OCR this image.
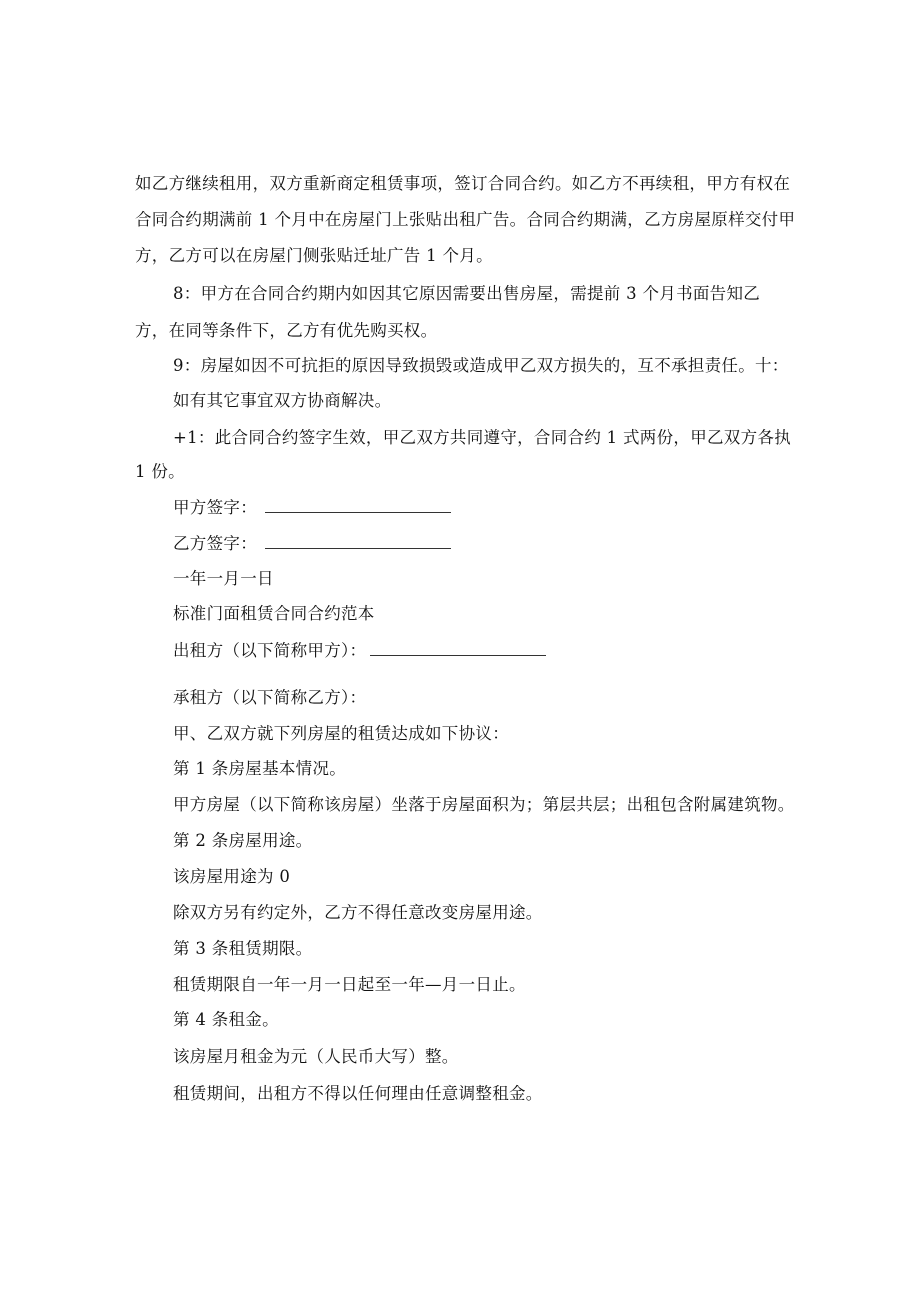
如乙方继续租用，双方重新商定租赁事项，签订合同合约。如乙方不再续租，甲方有权在
合同合约期满前 1 个月中在房屋门上张贴出租广告。合同合约期满，乙方房屋原样交付甲
方，乙方可以在房屋门侧张贴迁址广告 1 个月。
8：甲方在合同合约期内如因其它原因需要出售房屋，需提前 3 个月书面告知乙
方，在同等条件下，乙方有优先购买权。
9：房屋如因不可抗拒的原因导致损毁或造成甲乙双方损失的，互不承担责任。十：
如有其它事宜双方协商解决。
+1：此合同合约签字生效，甲乙双方共同遵守，合同合约 1 式两份，甲乙双方各执
1 份。
甲方签字：
乙方签字：
一年一月一日
标准门面租赁合同合约范本
出租方（以下简称甲方）：
承租方（以下简称乙方）：
甲、乙双方就下列房屋的租赁达成如下协议：
第 1 条房屋基本情况。
甲方房屋（以下简称该房屋）坐落于房屋面积为；第层共层；出租包含附属建筑物。
第 2 条房屋用途。
该房屋用途为 0
除双方另有约定外，乙方不得任意改变房屋用途。
第 3 条租赁期限。
租赁期限自一年一月一日起至一年—月一日止。
第 4 条租金。
该房屋月租金为元（人民币大写）整。
租赁期间，出租方不得以任何理由任意调整租金。
